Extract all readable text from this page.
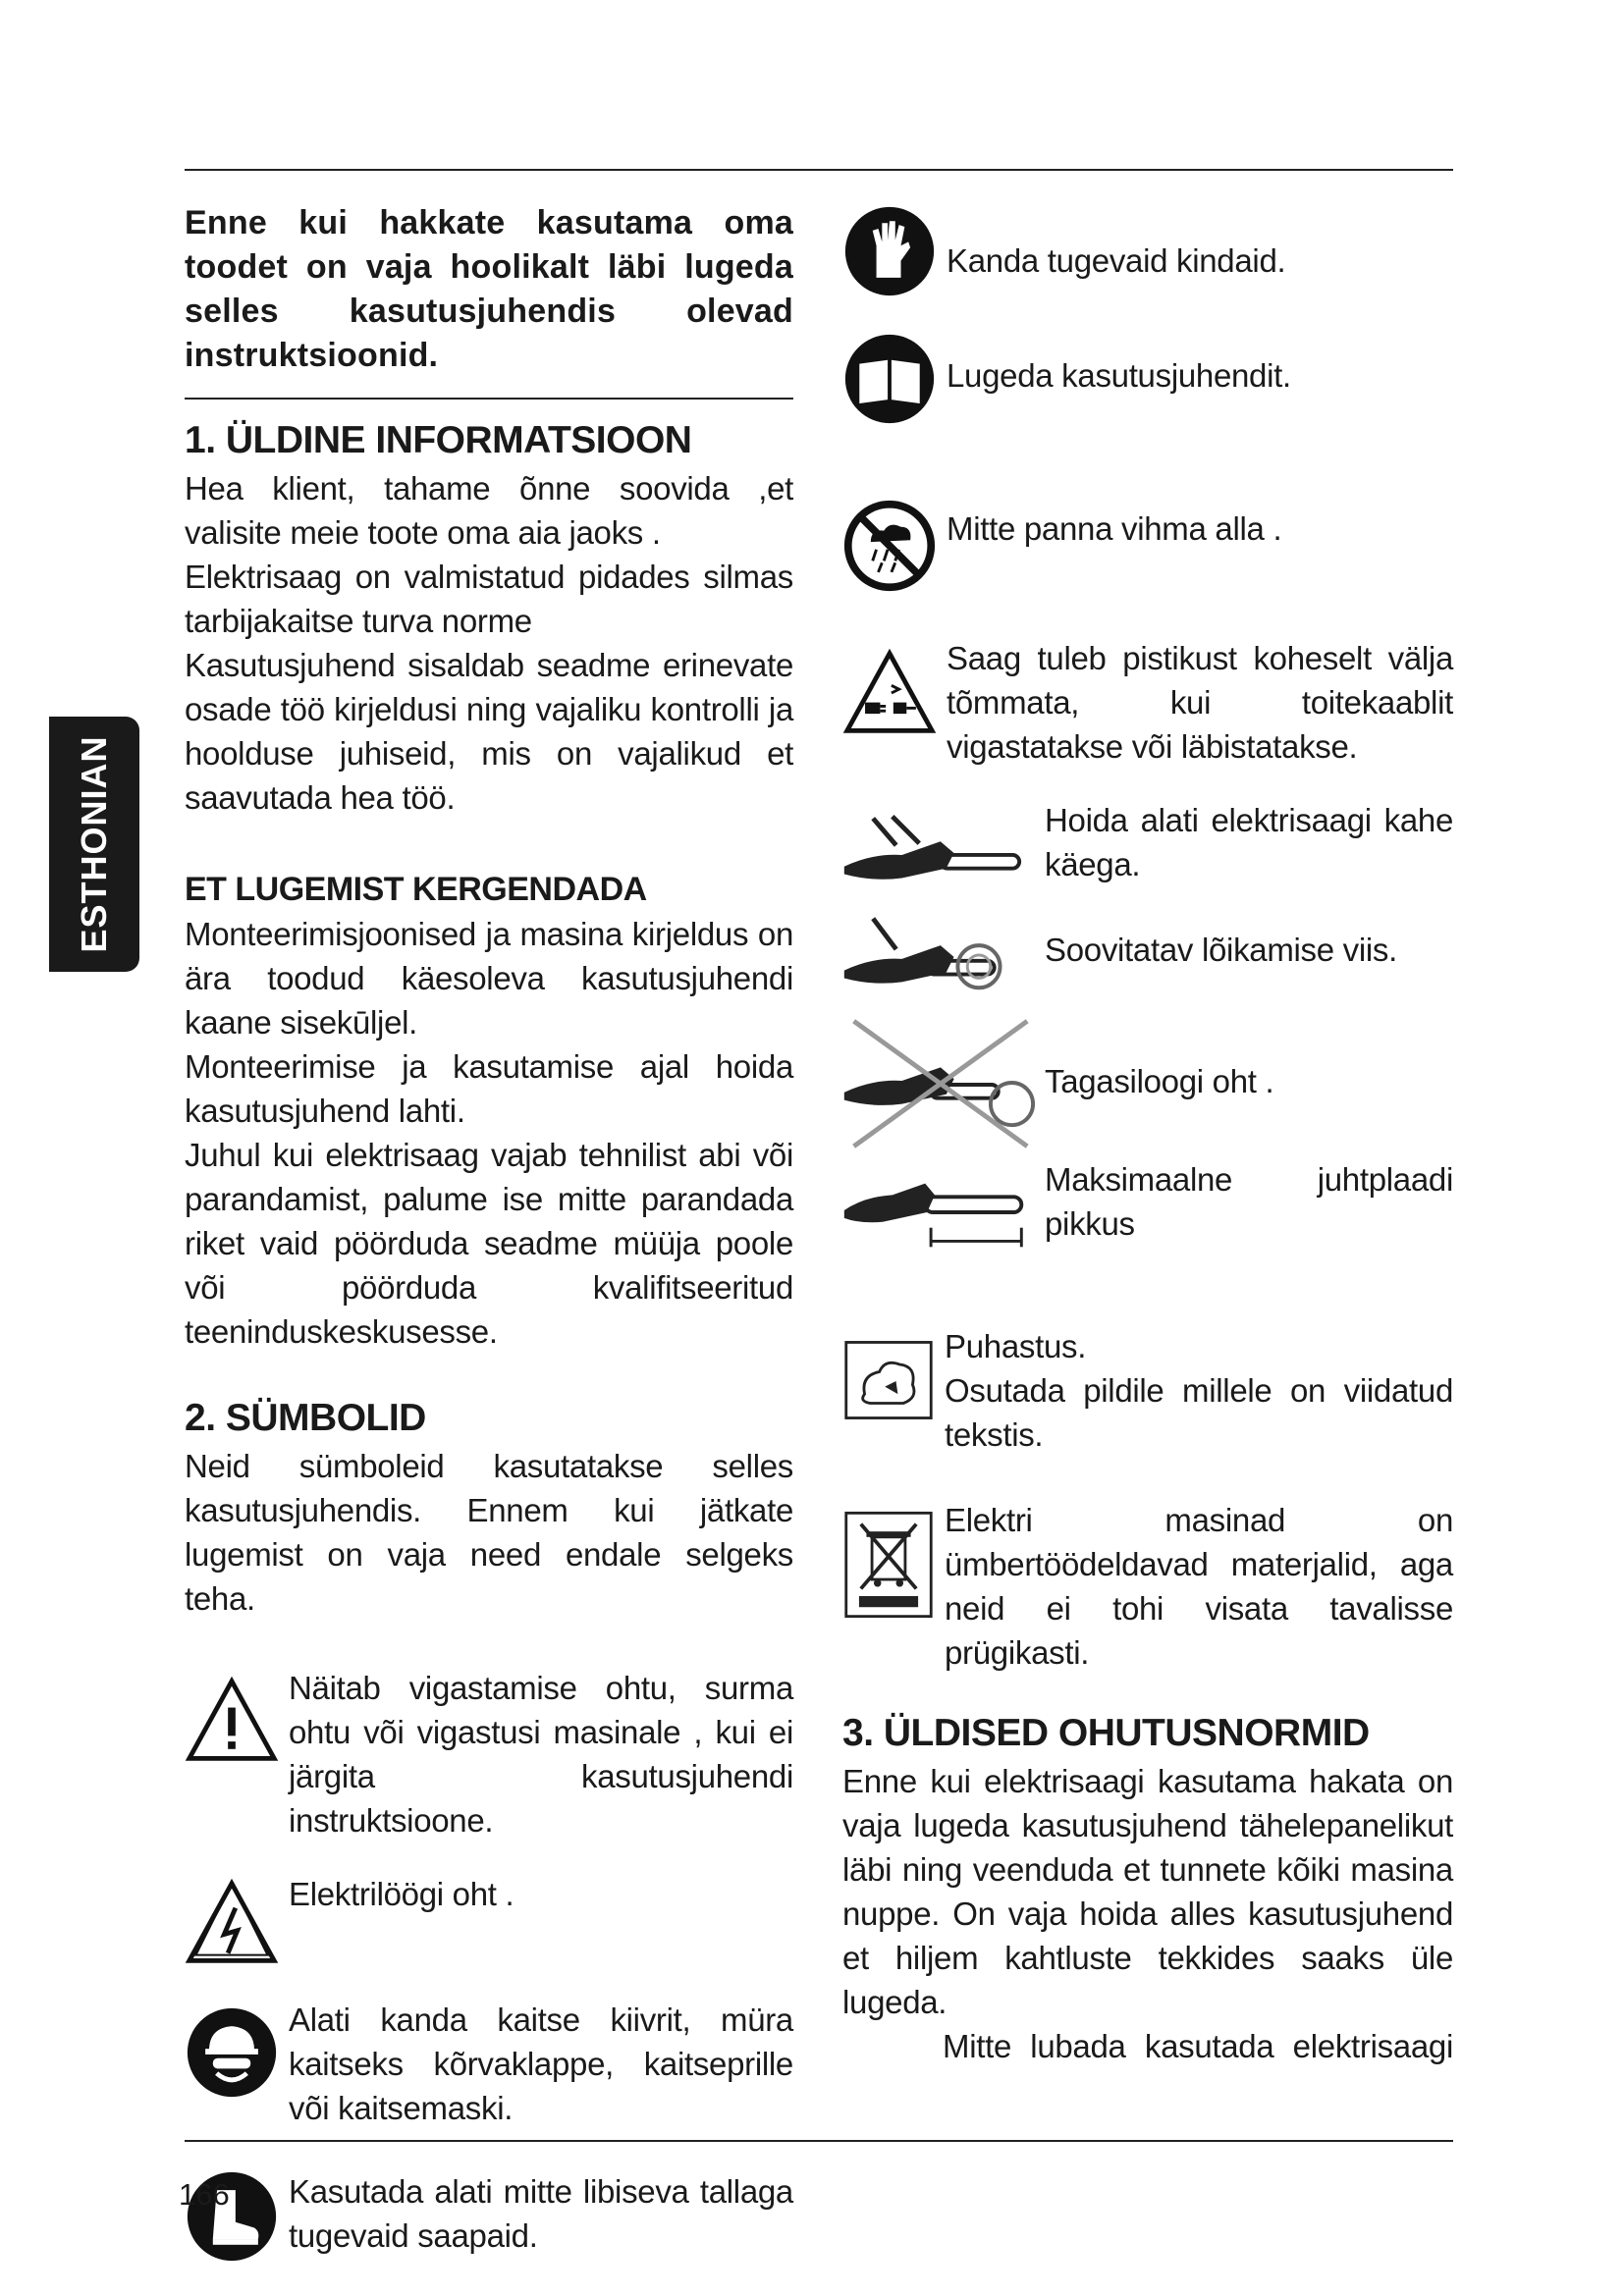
ESTHONIAN

Enne kui hakkate kasutama oma toodet on vaja hoolikalt läbi lugeda selles kasutusjuhendis olevad instruktsioonid.

1. ÜLDINE INFORMATSIOON

Hea klient, tahame õnne soovida ,et valisite meie toote oma aia jaoks .

Elektrisaag on valmistatud pidades silmas tarbijakaitse turva norme

Kasutusjuhend sisaldab seadme erinevate osade töö kirjeldusi ning vajaliku kontrolli ja hoolduse juhiseid, mis on vajalikud et saavutada hea töö.

ET LUGEMIST KERGENDADA

Monteerimisjoonised ja masina kirjeldus on ära toodud käesoleva kasutusjuhendi kaane sisekūljel.

Monteerimise ja kasutamise ajal hoida kasutusjuhend lahti.

Juhul kui elektrisaag vajab tehnilist abi või parandamist, palume ise mitte parandada riket vaid pöörduda seadme müüja poole või pöörduda kvalifitseeritud teeninduskeskusesse.

2. SÜMBOLID

Neid sümboleid kasutatakse selles kasutusjuhendis. Ennem kui jätkate lugemist on vaja need endale selgeks teha.

Näitab vigastamise ohtu, surma ohtu või vigastusi masinale , kui ei järgita kasutusjuhendi instruktsioone.

Elektrilöögi oht .

Alati kanda kaitse kiivrit, müra kaitseks kõrvaklappe, kaitseprille või kaitsemaski.

Kasutada alati mitte libiseva tallaga tugevaid saapaid.

Kanda tugevaid kindaid.

Lugeda kasutusjuhendit.

Mitte panna vihma alla .

Saag tuleb pistikust koheselt välja tõmmata, kui toitekaablit vigastatakse või läbistatakse.

Hoida alati elektrisaagi kahe käega.

Soovitatav lõikamise viis.

Tagasiloogi oht .

Maksimaalne juhtplaadi pikkus

Puhastus.

Osutada pildile millele on viidatud tekstis.

Elektri masinad on ümbertöödeldavad materjalid, aga neid ei tohi visata tavalisse prügikasti.

3. ÜLDISED OHUTUSNORMID

Enne kui elektrisaagi kasutama hakata on vaja lugeda kasutusjuhend tähelepanelikut läbi ning veenduda et tunnete kõiki masina nuppe. On vaja hoida alles kasutusjuhend et hiljem kahtluste tekkides saaks üle lugeda.

Mitte lubada kasutada elektrisaagi

166
